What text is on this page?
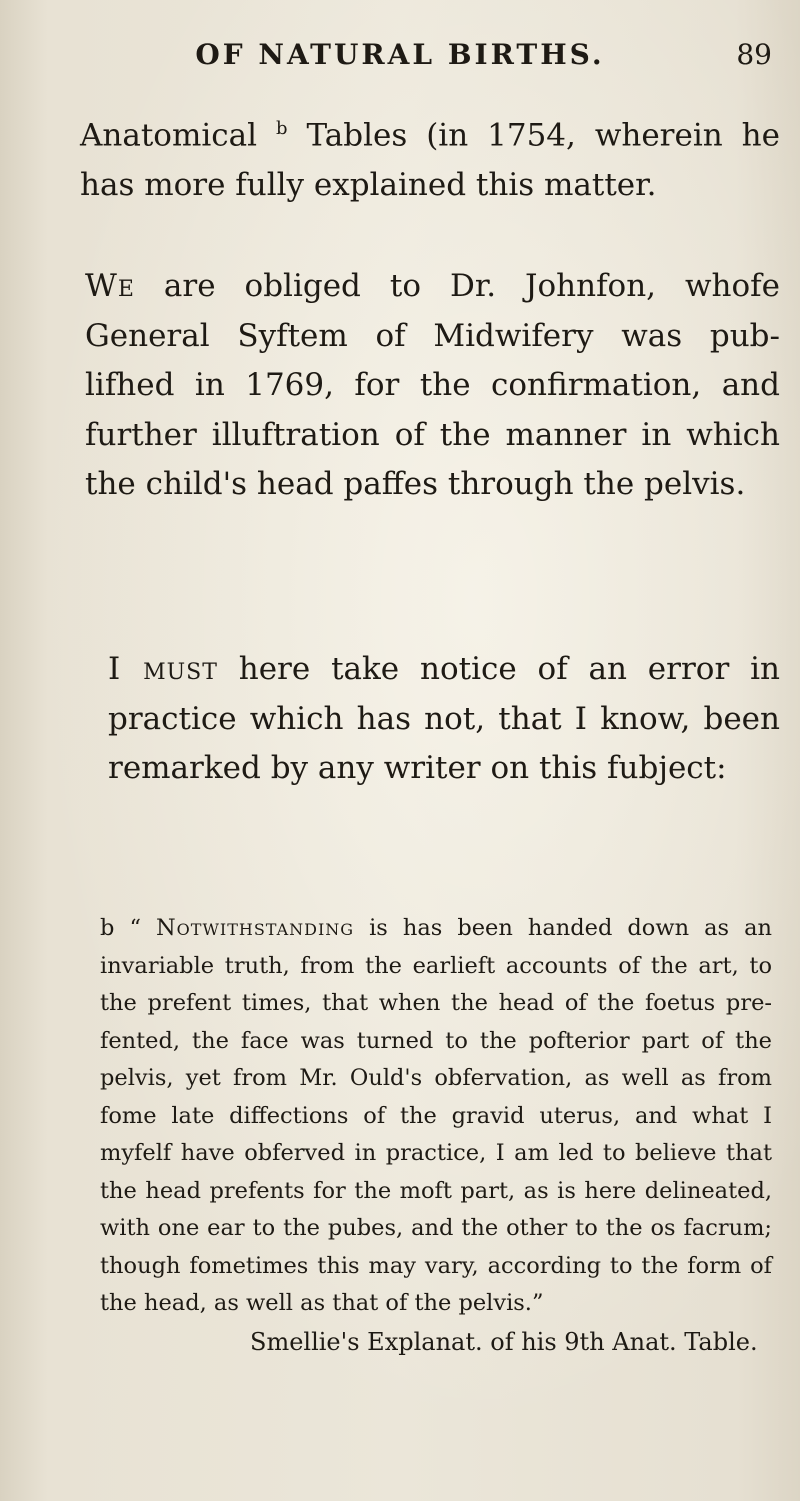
OF NATURAL BIRTHS.	89

Anatomical $^b$ Tables (in 1754, wherein he has more fully explained this matter.

We are obliged to Dr. Johnfon, whofe General Syftem of Midwifery was pub-lifhed in 1769, for the confirmation, and further illuftration of the manner in which the child's head paffes through the pelvis.

I must here take notice of an error in practice which has not, that I know, been remarked by any writer on this fubject:

b “ Notwithstanding is has been handed down as an invariable truth, from the earlieft accounts of the art, to the prefent times, that when the head of the foetus pre-fented, the face was turned to the pofterior part of the pelvis, yet from Mr. Ould's obfervation, as well as from fome late diffections of the gravid uterus, and what I myfelf have obferved in practice, I am led to believe that the head prefents for the moft part, as is here delineated, with one ear to the pubes, and the other to the os facrum; though fometimes this may vary, according to the form of the head, as well as that of the pelvis.”

Smellie's Explanat. of his 9th Anat. Table.
